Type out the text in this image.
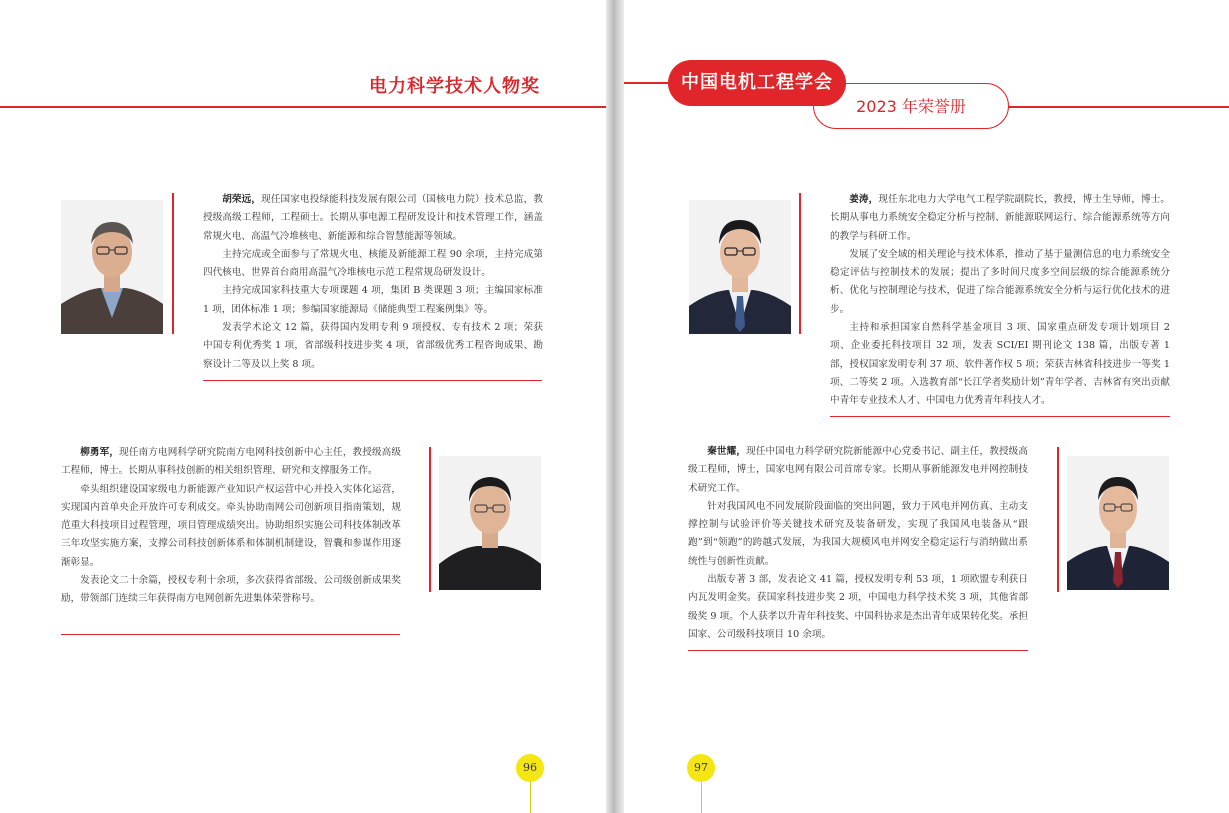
电力科学技术人物奖

胡荣远，现任国家电投绿能科技发展有限公司（国核电力院）技术总监，教授级高级工程师，工程硕士。长期从事电源工程研发设计和技术管理工作，涵盖常规火电、高温气冷堆核电、新能源和综合智慧能源等领域。

主持完成或全面参与了常规火电、核能及新能源工程 90 余项，主持完成第四代核电、世界首台商用高温气冷堆核电示范工程常规岛研发设计。

主持完成国家科技重大专项课题 4 项，集团 B 类课题 3 项；主编国家标准 1 项，团体标准 1 项；参编国家能源局《储能典型工程案例集》等。

发表学术论文 12 篇，获得国内发明专利 9 项授权、专有技术 2 项；荣获中国专利优秀奖 1 项，省部级科技进步奖 4 项，省部级优秀工程咨询成果、勘察设计二等及以上奖 8 项。

柳勇军，现任南方电网科学研究院南方电网科技创新中心主任，教授级高级工程师，博士。长期从事科技创新的相关组织管理、研究和支撑服务工作。

牵头组织建设国家级电力新能源产业知识产权运营中心并投入实体化运营，实现国内首单央企开放许可专利成交。牵头协助南网公司创新项目指南策划，规范重大科技项目过程管理，项目管理成绩突出。协助组织实施公司科技体制改革三年攻坚实施方案，支撑公司科技创新体系和体制机制建设，智囊和参谋作用逐渐彰显。

发表论文二十余篇，授权专利十余项，多次获得省部级、公司级创新成果奖励，带领部门连续三年获得南方电网创新先进集体荣誉称号。

96
2023 年荣誉册
中国电机工程学会

姜涛，现任东北电力大学电气工程学院副院长，教授，博士生导师，博士。长期从事电力系统安全稳定分析与控制、新能源联网运行、综合能源系统等方向的教学与科研工作。

发展了安全域的相关理论与技术体系，推动了基于量测信息的电力系统安全稳定评估与控制技术的发展；提出了多时间尺度多空间层级的综合能源系统分析、优化与控制理论与技术，促进了综合能源系统安全分析与运行优化技术的进步。

主持和承担国家自然科学基金项目 3 项、国家重点研发专项计划项目 2 项、企业委托科技项目 32 项，发表 SCI/EI 期刊论文 138 篇，出版专著 1 部，授权国家发明专利 37 项、软件著作权 5 项；荣获吉林省科技进步一等奖 1 项、二等奖 2 项。入选教育部“长江学者奖励计划”青年学者、吉林省有突出贡献中青年专业技术人才、中国电力优秀青年科技人才。

秦世耀，现任中国电力科学研究院新能源中心党委书记、副主任，教授级高级工程师，博士，国家电网有限公司首席专家。长期从事新能源发电并网控制技术研究工作。

针对我国风电不同发展阶段面临的突出问题，致力于风电并网仿真、主动支撑控制与试验评价等关键技术研究及装备研发，实现了我国风电装备从“跟跑”到“领跑”的跨越式发展，为我国大规模风电并网安全稳定运行与消纳做出系统性与创新性贡献。

出版专著 3 部，发表论文 41 篇，授权发明专利 53 项，1 项欧盟专利获日内瓦发明金奖。获国家科技进步奖 2 项，中国电力科学技术奖 3 项，其他省部级奖 9 项。个人获孝以升青年科技奖、中国科协求是杰出青年成果转化奖。承担国家、公司级科技项目 10 余项。

97
